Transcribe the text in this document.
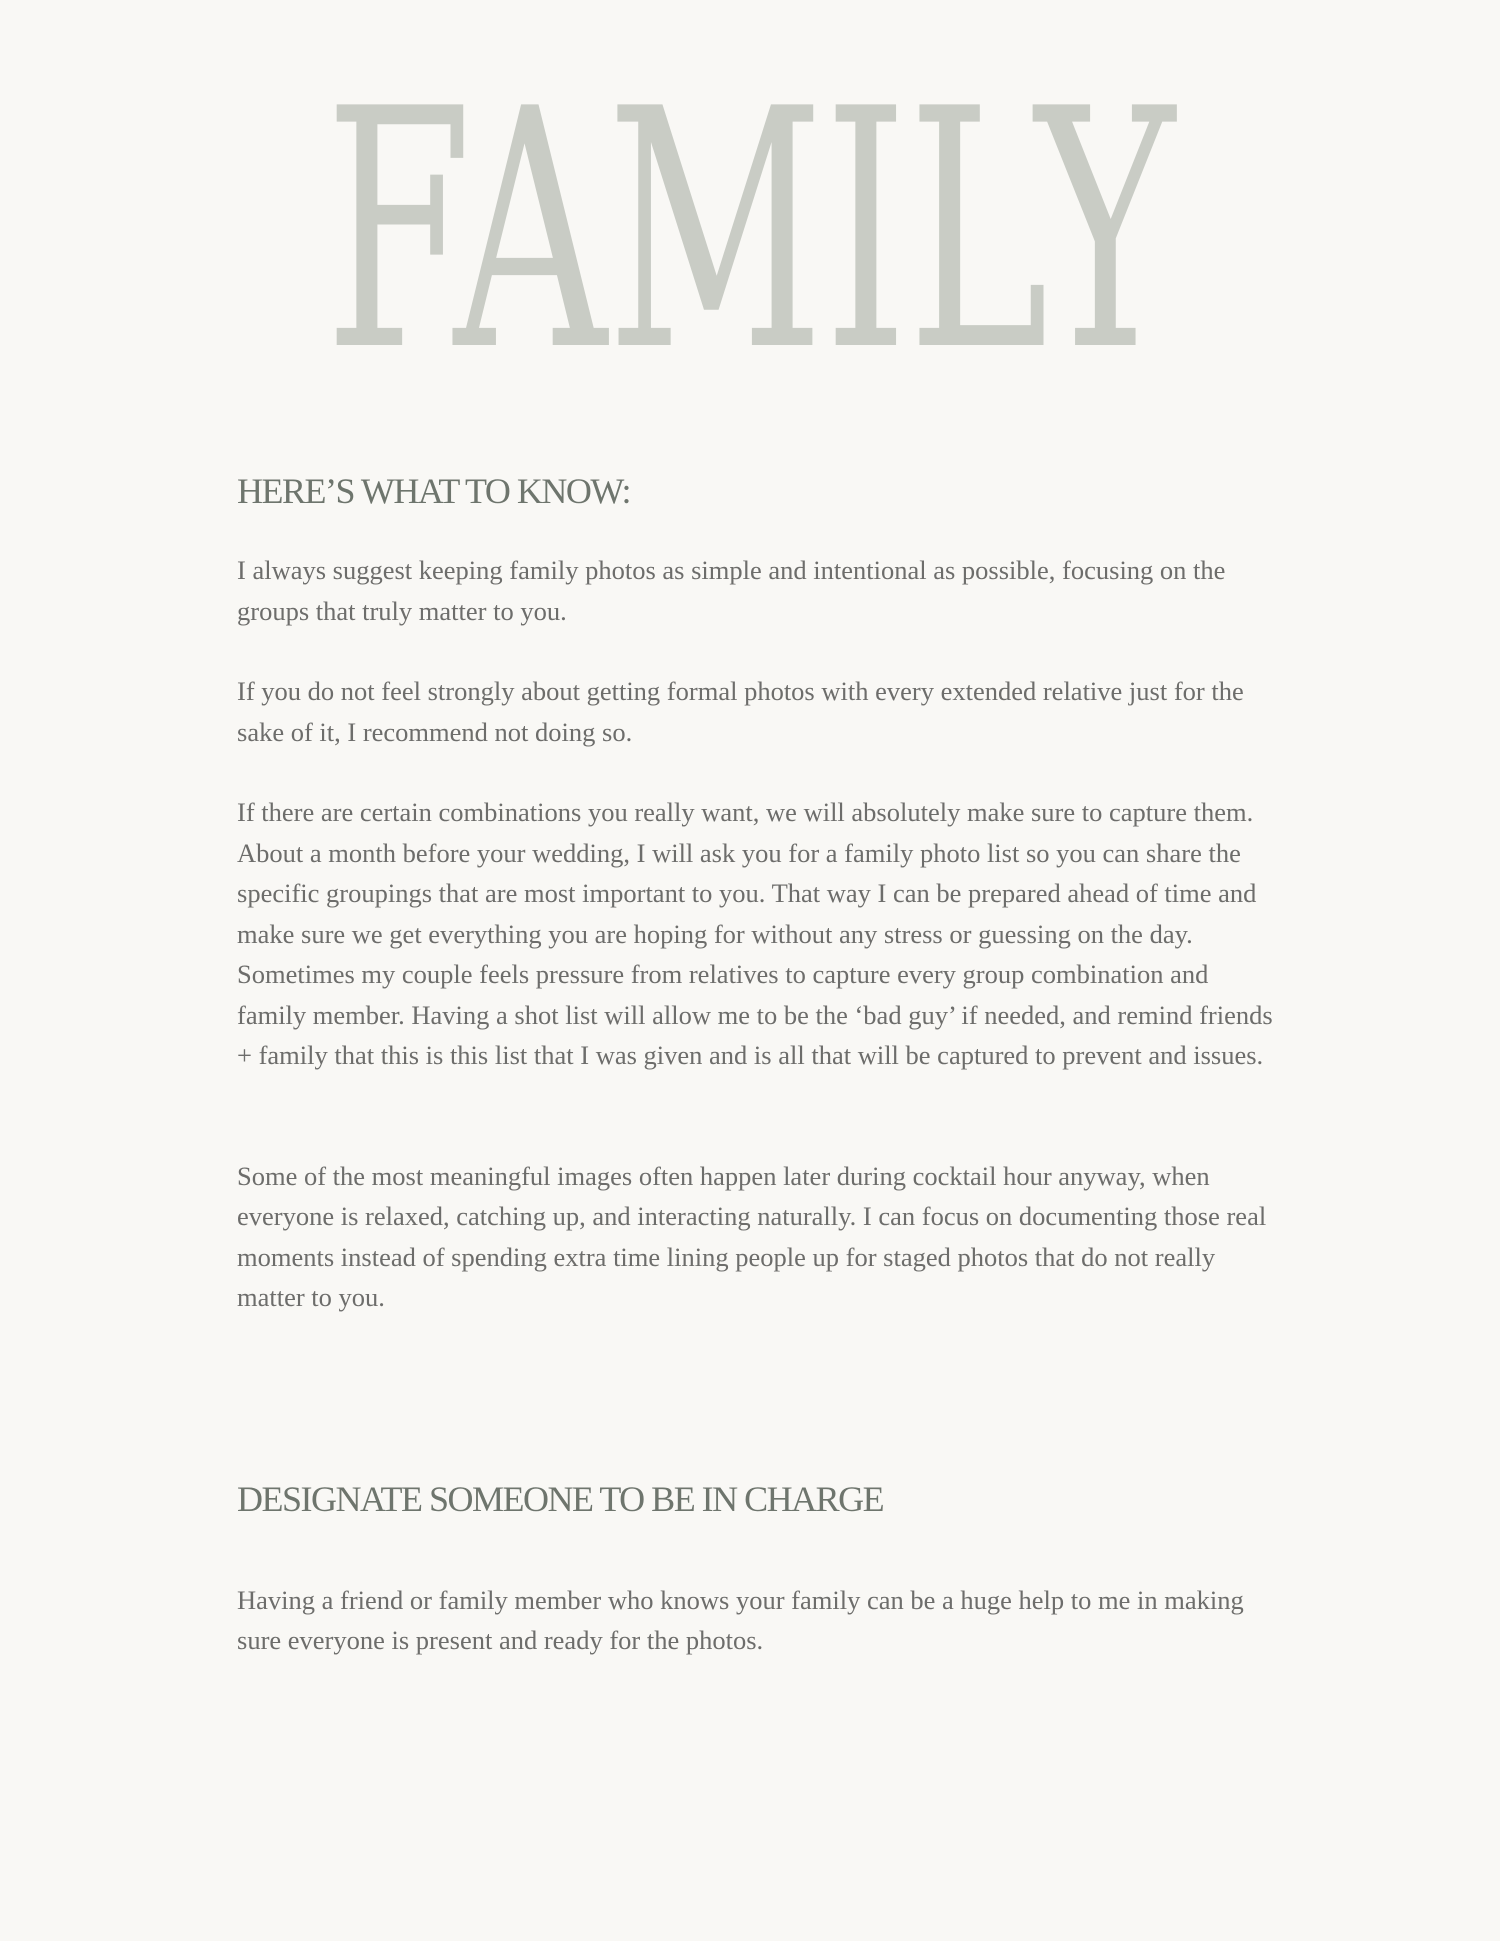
FAMILY
HERE’S WHAT TO KNOW:

I always suggest keeping family photos as simple and intentional as possible, focusing on the groups that truly matter to you.

If you do not feel strongly about getting formal photos with every extended relative just for the sake of it, I recommend not doing so.

If there are certain combinations you really want, we will absolutely make sure to capture them. About a month before your wedding, I will ask you for a family photo list so you can share the specific groupings that are most important to you. That way I can be prepared ahead of time and make sure we get everything you are hoping for without any stress or guessing on the day. Sometimes my couple feels pressure from relatives to capture every group combination and family member. Having a shot list will allow me to be the ‘bad guy’ if needed, and remind friends + family that this is this list that I was given and is all that will be captured to prevent and issues.

Some of the most meaningful images often happen later during cocktail hour anyway, when everyone is relaxed, catching up, and interacting naturally. I can focus on documenting those real moments instead of spending extra time lining people up for staged photos that do not really matter to you.

DESIGNATE SOMEONE TO BE IN CHARGE

Having a friend or family member who knows your family can be a huge help to me in making sure everyone is present and ready for the photos.
